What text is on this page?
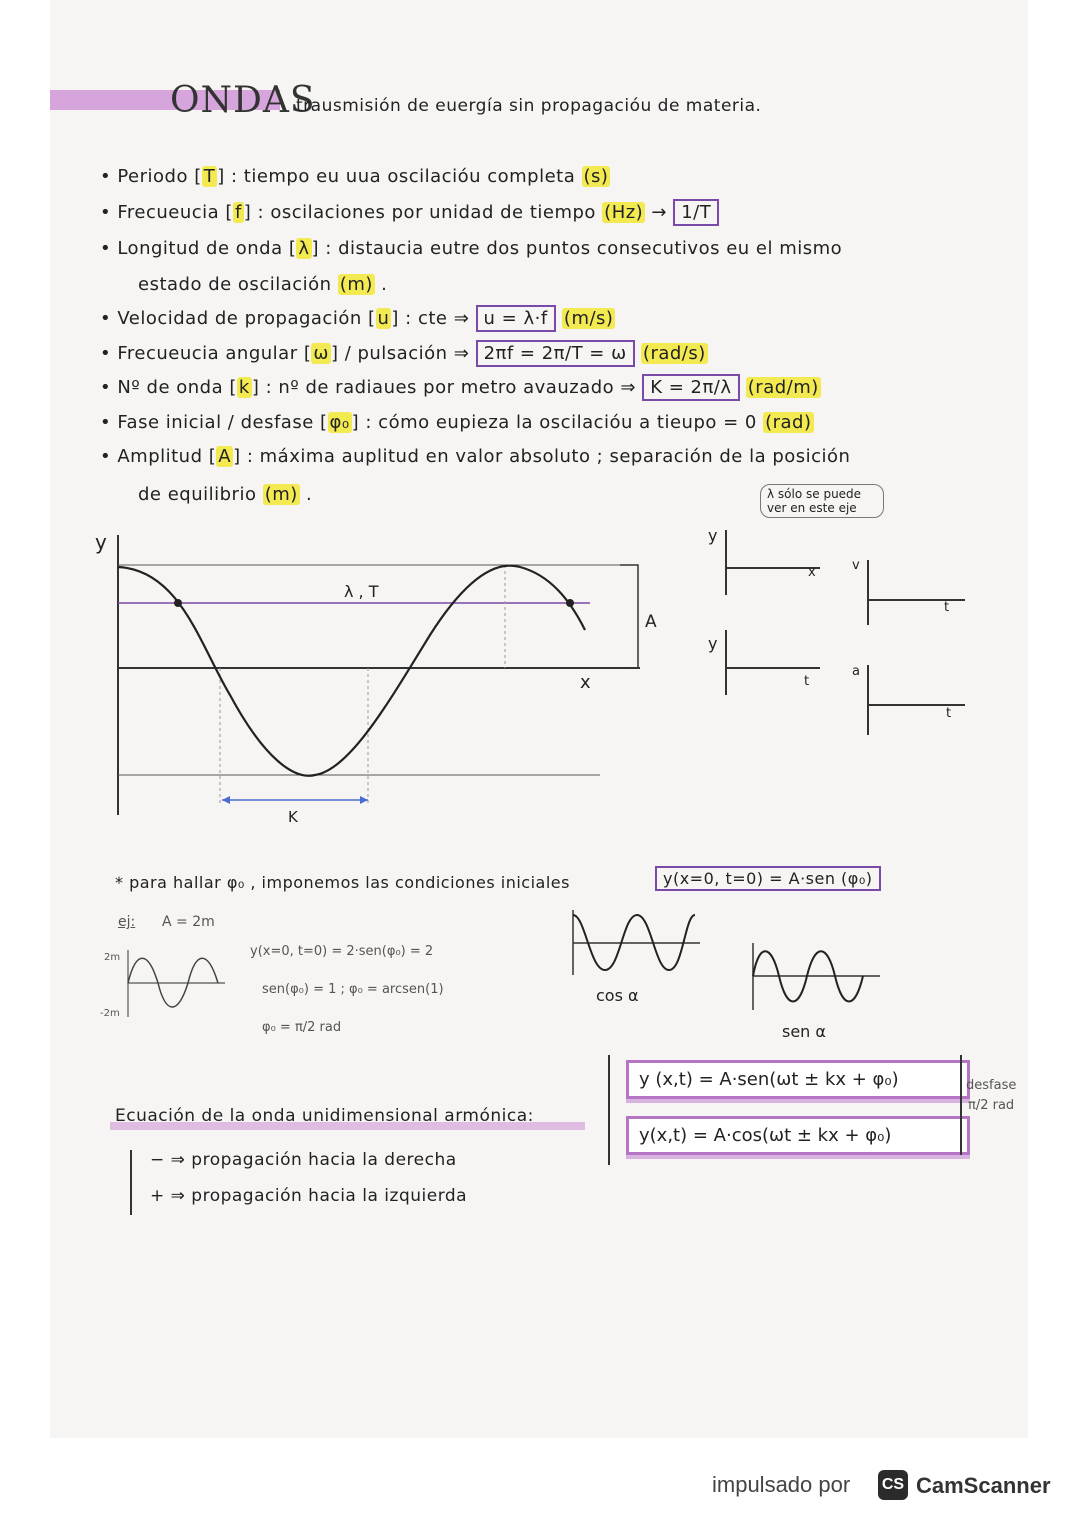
ONDAS
trausmisión de euergía sin propagacióu de materia.
• Periodo [ T ] : tiempo eu uua oscilacióu completa (s)
• Frecueucia [ f ] : oscilaciones por unidad de tiempo (Hz) → 1/T
• Longitud de onda [ λ ] : distaucia eutre dos puntos consecutivos eu el mismo
estado de oscilación (m) .
• Velocidad de propagación [ u ] : cte ⇒ u = λ·f (m/s)
• Frecueucia angular [ ω ] / pulsación ⇒ 2πf = 2π/T = ω (rad/s)
• Nº de onda [ k ] : nº de radiaues por metro avauzado ⇒ K = 2π/λ (rad/m)
• Fase inicial / desfase [ φ₀ ] : cómo eupieza la oscilacióu a tieupo = 0 (rad)
• Amplitud [ A ] : máxima auplitud en valor absoluto ; separación de la posición
de equilibrio (m) .
y
x
λ , T
K
A
λ sólo se puede ver en este eje
y
x	v
t
y
t
a
t
* para hallar φ₀ , imponemos las condiciones iniciales	y(x=0, t=0) = A·sen (φ₀)
ej: A = 2m
2m
-2m
y(x=0, t=0) = 2·sen(φ₀) = 2
sen(φ₀) = 1 ; φ₀ = arcsen(1)
φ₀ = π/2 rad
cos α
sen α
Ecuación de la onda unidimensional armónica:
y (x,t) = A·sen(ωt ± kx + φ₀)
y(x,t) = A·cos(ωt ± kx + φ₀)
desfase
π/2 rad
− ⇒ propagación hacia la derecha
+ ⇒ propagación hacia la izquierda
impulsado por CS CamScanner
